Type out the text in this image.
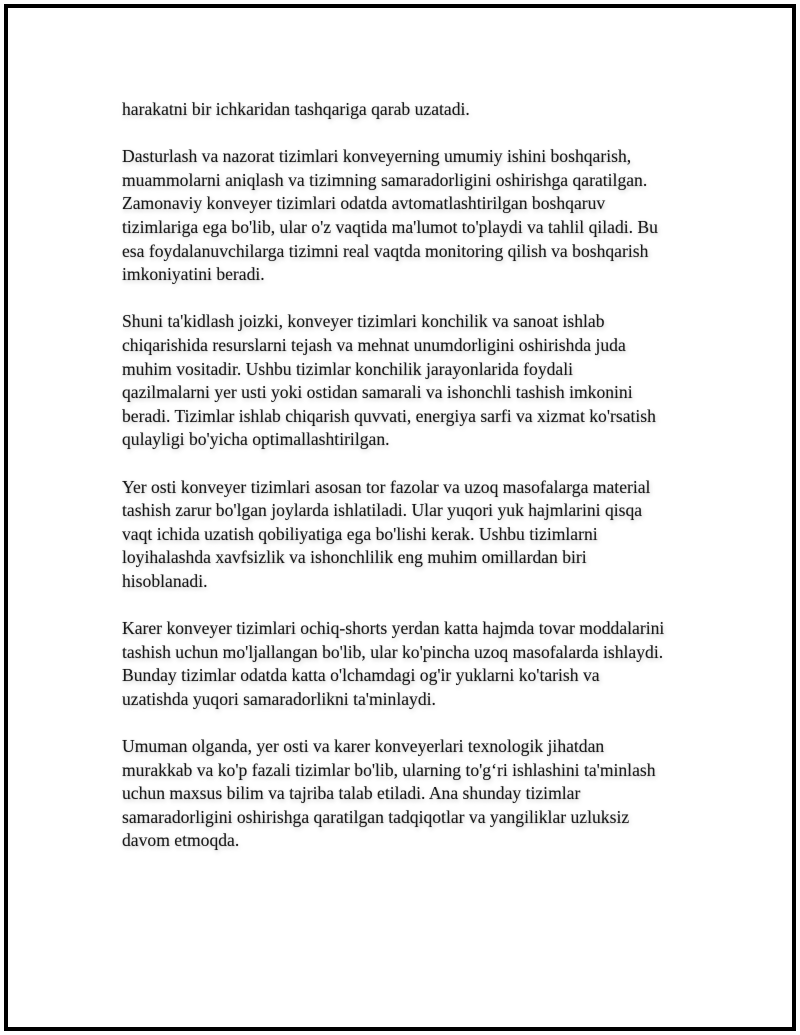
harakatni bir ichkaridan tashqariga qarab uzatadi.

Dasturlash va nazorat tizimlari konveyerning umumiy ishini boshqarish,
muammolarni aniqlash va tizimning samaradorligini oshirishga qaratilgan.
Zamonaviy konveyer tizimlari odatda avtomatlashtirilgan boshqaruv
tizimlariga ega bo'lib, ular o'z vaqtida ma'lumot to'playdi va tahlil qiladi. Bu
esa foydalanuvchilarga tizimni real vaqtda monitoring qilish va boshqarish
imkoniyatini beradi.

Shuni ta'kidlash joizki, konveyer tizimlari konchilik va sanoat ishlab
chiqarishida resurslarni tejash va mehnat unumdorligini oshirishda juda
muhim vositadir. Ushbu tizimlar konchilik jarayonlarida foydali
qazilmalarni yer usti yoki ostidan samarali va ishonchli tashish imkonini
beradi. Tizimlar ishlab chiqarish quvvati, energiya sarfi va xizmat ko'rsatish
qulayligi bo'yicha optimallashtirilgan.

Yer osti konveyer tizimlari asosan tor fazolar va uzoq masofalarga material
tashish zarur bo'lgan joylarda ishlatiladi. Ular yuqori yuk hajmlarini qisqa
vaqt ichida uzatish qobiliyatiga ega bo'lishi kerak. Ushbu tizimlarni
loyihalashda xavfsizlik va ishonchlilik eng muhim omillardan biri
hisoblanadi.

Karer konveyer tizimlari ochiq-shorts yerdan katta hajmda tovar moddalarini
tashish uchun mo'ljallangan bo'lib, ular ko'pincha uzoq masofalarda ishlaydi.
Bunday tizimlar odatda katta o'lchamdagi og'ir yuklarni ko'tarish va
uzatishda yuqori samaradorlikni ta'minlaydi.

Umuman olganda, yer osti va karer konveyerlari texnologik jihatdan
murakkab va ko'p fazali tizimlar bo'lib, ularning to'g‘ri ishlashini ta'minlash
uchun maxsus bilim va tajriba talab etiladi. Ana shunday tizimlar
samaradorligini oshirishga qaratilgan tadqiqotlar va yangiliklar uzluksiz
davom etmoqda.
